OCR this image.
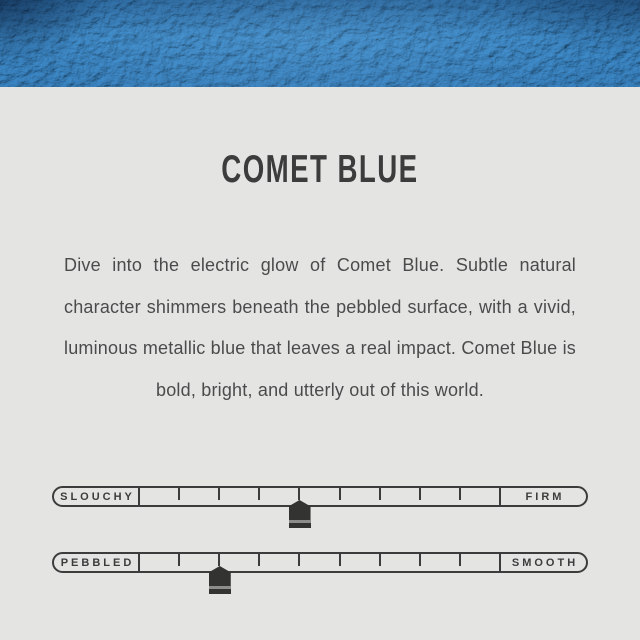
COMET BLUE

Dive into the electric glow of Comet Blue. Subtle natural character shimmers beneath the pebbled surface, with a vivid, luminous metallic blue that leaves a real impact. Comet Blue is bold, bright, and utterly out of this world.

SLOUCHY	FIRM
PEBBLED	SMOOTH
